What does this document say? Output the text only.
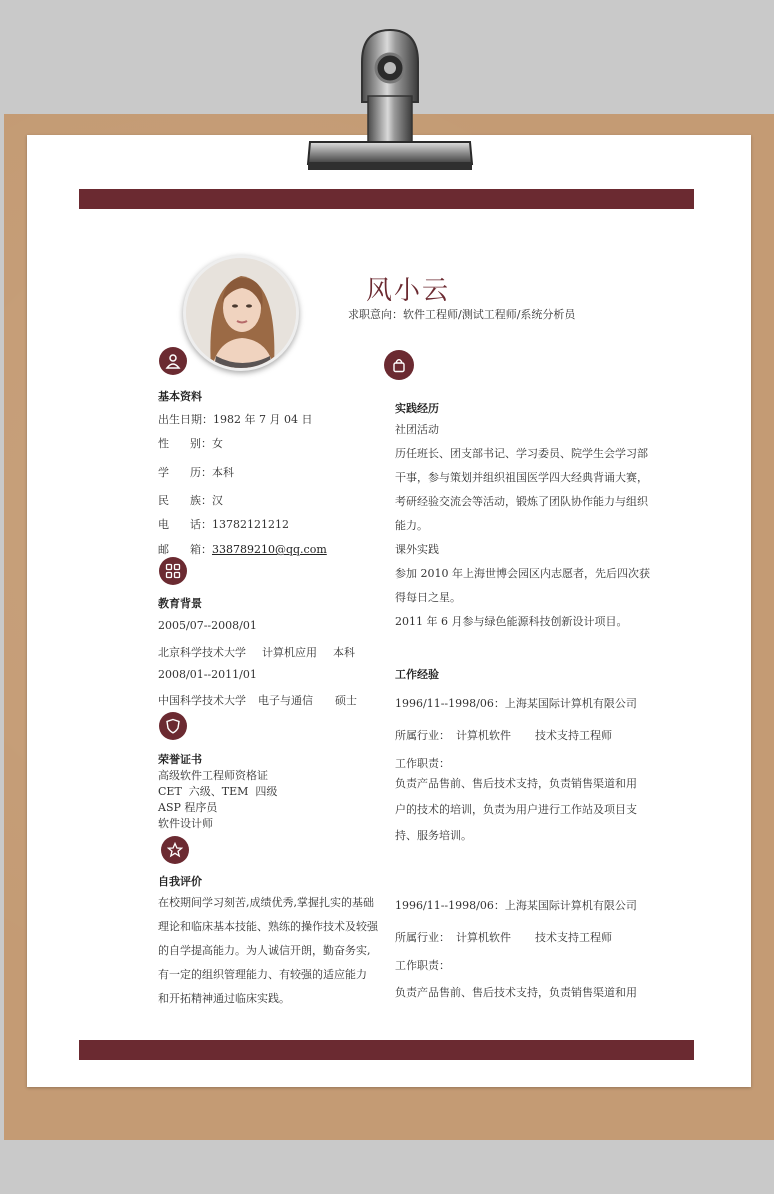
风小云
求职意向：软件工程师/测试工程师/系统分析员
基本资料
出生日期：1982 年 7 月 04 日
性      别：女
学      历：本科
民      族：汉
电      话：13782121212
邮      箱：338789210@qq.com
教育背景
2005/07--2008/01
北京科学技术大学 计算机应用 本科
2008/01--2011/01
中国科学技术大学 电子与通信 硕士
荣誉证书
高级软件工程师资格证
CET  六级、TEM  四级
ASP 程序员
软件设计师
自我评价
在校期间学习刻苦,成绩优秀,掌握扎实的基础
理论和临床基本技能、熟练的操作技术及较强
的自学提高能力。为人诚信开朗，勤奋务实,
有一定的组织管理能力、有较强的适应能力
和开拓精神通过临床实践。
实践经历
社团活动
历任班长、团支部书记、学习委员、院学生会学习部
干事，参与策划并组织祖国医学四大经典背诵大赛，
考研经验交流会等活动，锻炼了团队协作能力与组织
能力。
课外实践
参加 2010 年上海世博会园区内志愿者，先后四次获
得每日之星。
2011 年 6 月参与绿色能源科技创新设计项目。
工作经验
1996/11--1998/06：上海某国际计算机有限公司
所属行业： 计算机软件 技术支持工程师
工作职责：
负责产品售前、售后技术支持，负责销售渠道和用
户的技术的培训，负责为用户进行工作站及项目支
持、服务培训。
1996/11--1998/06：上海某国际计算机有限公司
所属行业： 计算机软件 技术支持工程师
工作职责：
负责产品售前、售后技术支持，负责销售渠道和用
